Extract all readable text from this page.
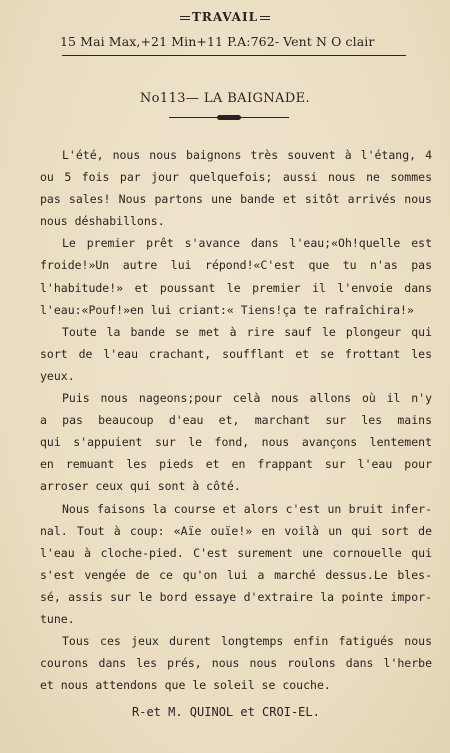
TRAVAIL
15 Mai Max,+21 Min+11 P.A:762- Vent N O clair
No113— LA BAIGNADE.
L'été, nous nous baignons très souvent à l'étang, 4
ou 5 fois par jour quelquefois; aussi nous ne sommes
pas sales! Nous partons une bande et sitôt arrivés nous
nous déshabillons.
Le premier prêt s'avance dans l'eau;«Oh!quelle est
froide!»Un autre lui répond!«C'est que tu n'as pas
l'habitude!» et poussant le premier il l'envoie dans
l'eau:«Pouf!»en lui criant:« Tiens!ça te rafraîchira!»
Toute la bande se met à rire sauf le plongeur qui
sort de l'eau crachant, soufflant et se frottant les
yeux.
Puis nous nageons;pour celà nous allons où il n'y
a pas beaucoup d'eau et, marchant sur les mains
qui s'appuient sur le fond, nous avançons lentement
en remuant les pieds et en frappant sur l'eau pour
arroser ceux qui sont à côté.
Nous faisons la course et alors c'est un bruit infer-
nal. Tout à coup: «Aïe ouïe!» en voilà un qui sort de
l'eau à cloche-pied. C'est surement une cornouelle qui
s'est vengée de ce qu'on lui a marché dessus.Le bles-
sé, assis sur le bord essaye d'extraire la pointe impor-
tune.
Tous ces jeux durent longtemps enfin fatigués nous
courons dans les prés, nous nous roulons dans l'herbe
et nous attendons que le soleil se couche.
R-et M. QUINOL et CROI-EL.
